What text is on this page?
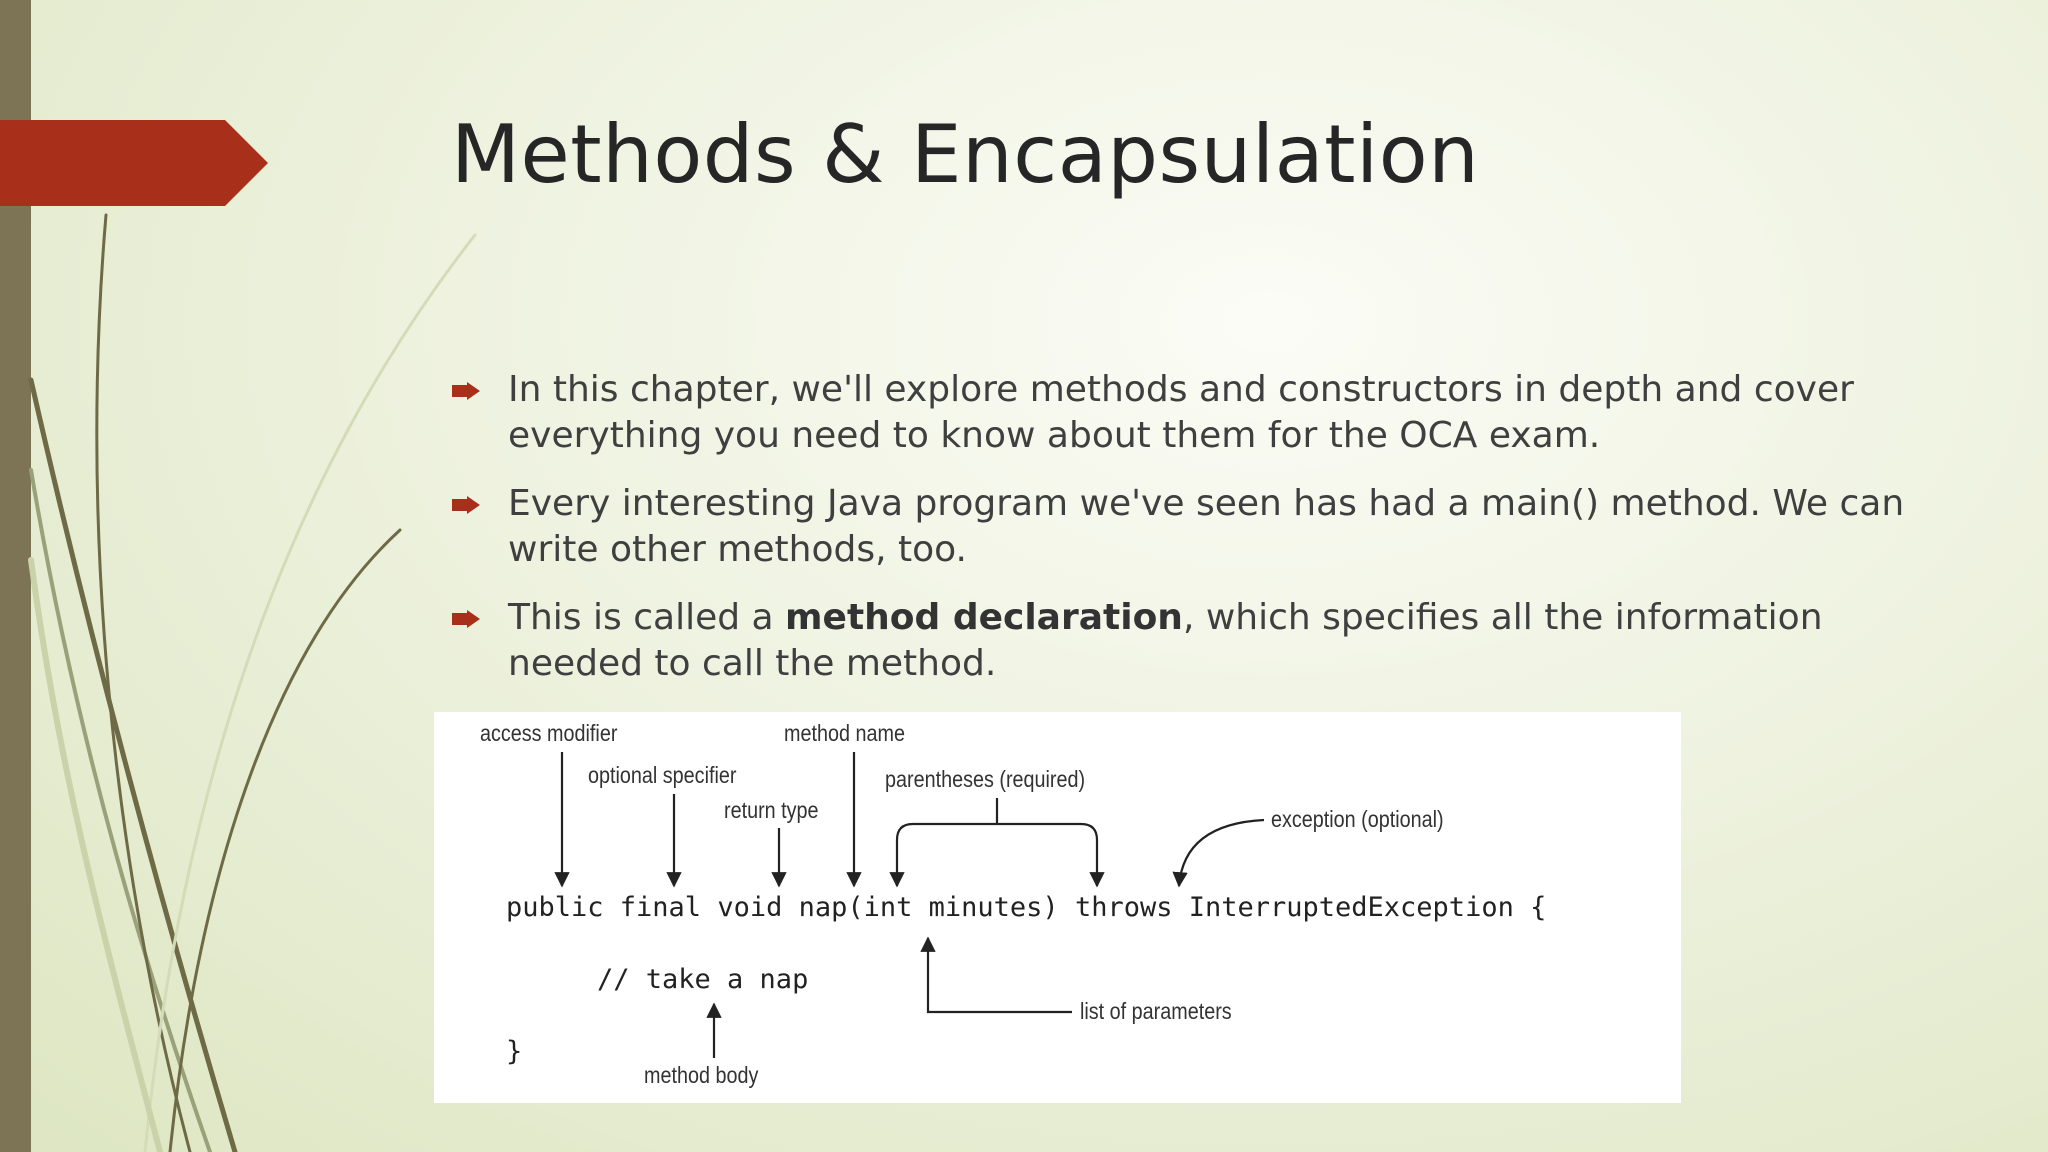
Methods & Encapsulation
In this chapter, we'll explore methods and constructors in depth and cover everything you need to know about them for the OCA exam.
Every interesting Java program we've seen has had a main() method. We can write other methods, too.
This is called a method declaration, which specifies all the information needed to call the method.
access modifier
optional specifier
return type
method name
parentheses (required)
exception (optional)
list of parameters
method body
public final void nap(int minutes) throws InterruptedException {
// take a nap
}
